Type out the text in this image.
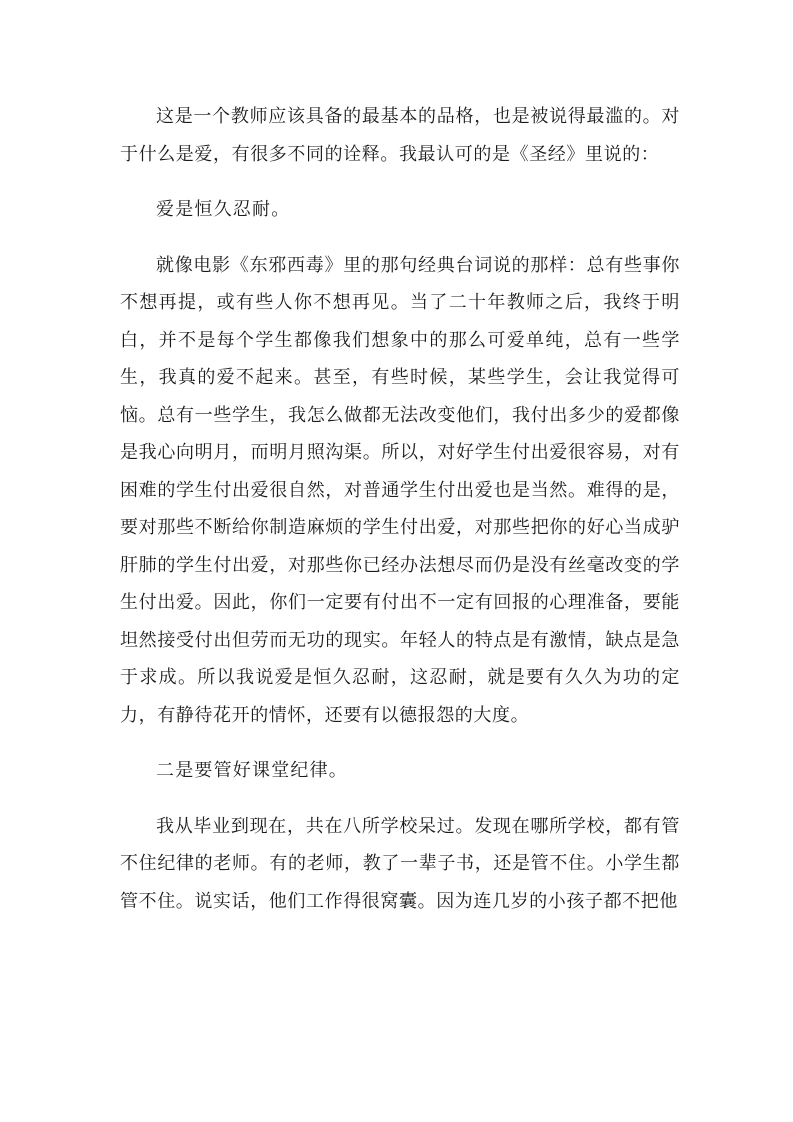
这是一个教师应该具备的最基本的品格，也是被说得最滥的。对于什么是爱，有很多不同的诠释。我最认可的是《圣经》里说的：

爱是恒久忍耐。

就像电影《东邪西毒》里的那句经典台词说的那样：总有些事你不想再提，或有些人你不想再见。当了二十年教师之后，我终于明白，并不是每个学生都像我们想象中的那么可爱单纯，总有一些学生，我真的爱不起来。甚至，有些时候，某些学生，会让我觉得可恼。总有一些学生，我怎么做都无法改变他们，我付出多少的爱都像是我心向明月，而明月照沟渠。所以，对好学生付出爱很容易，对有困难的学生付出爱很自然，对普通学生付出爱也是当然。难得的是，要对那些不断给你制造麻烦的学生付出爱，对那些把你的好心当成驴肝肺的学生付出爱，对那些你已经办法想尽而仍是没有丝毫改变的学生付出爱。因此，你们一定要有付出不一定有回报的心理准备，要能坦然接受付出但劳而无功的现实。年轻人的特点是有激情，缺点是急于求成。所以我说爱是恒久忍耐，这忍耐，就是要有久久为功的定力，有静待花开的情怀，还要有以德报怨的大度。

二是要管好课堂纪律。

我从毕业到现在，共在八所学校呆过。发现在哪所学校，都有管不住纪律的老师。有的老师，教了一辈子书，还是管不住。小学生都管不住。说实话，他们工作得很窝囊。因为连几岁的小孩子都不把他
